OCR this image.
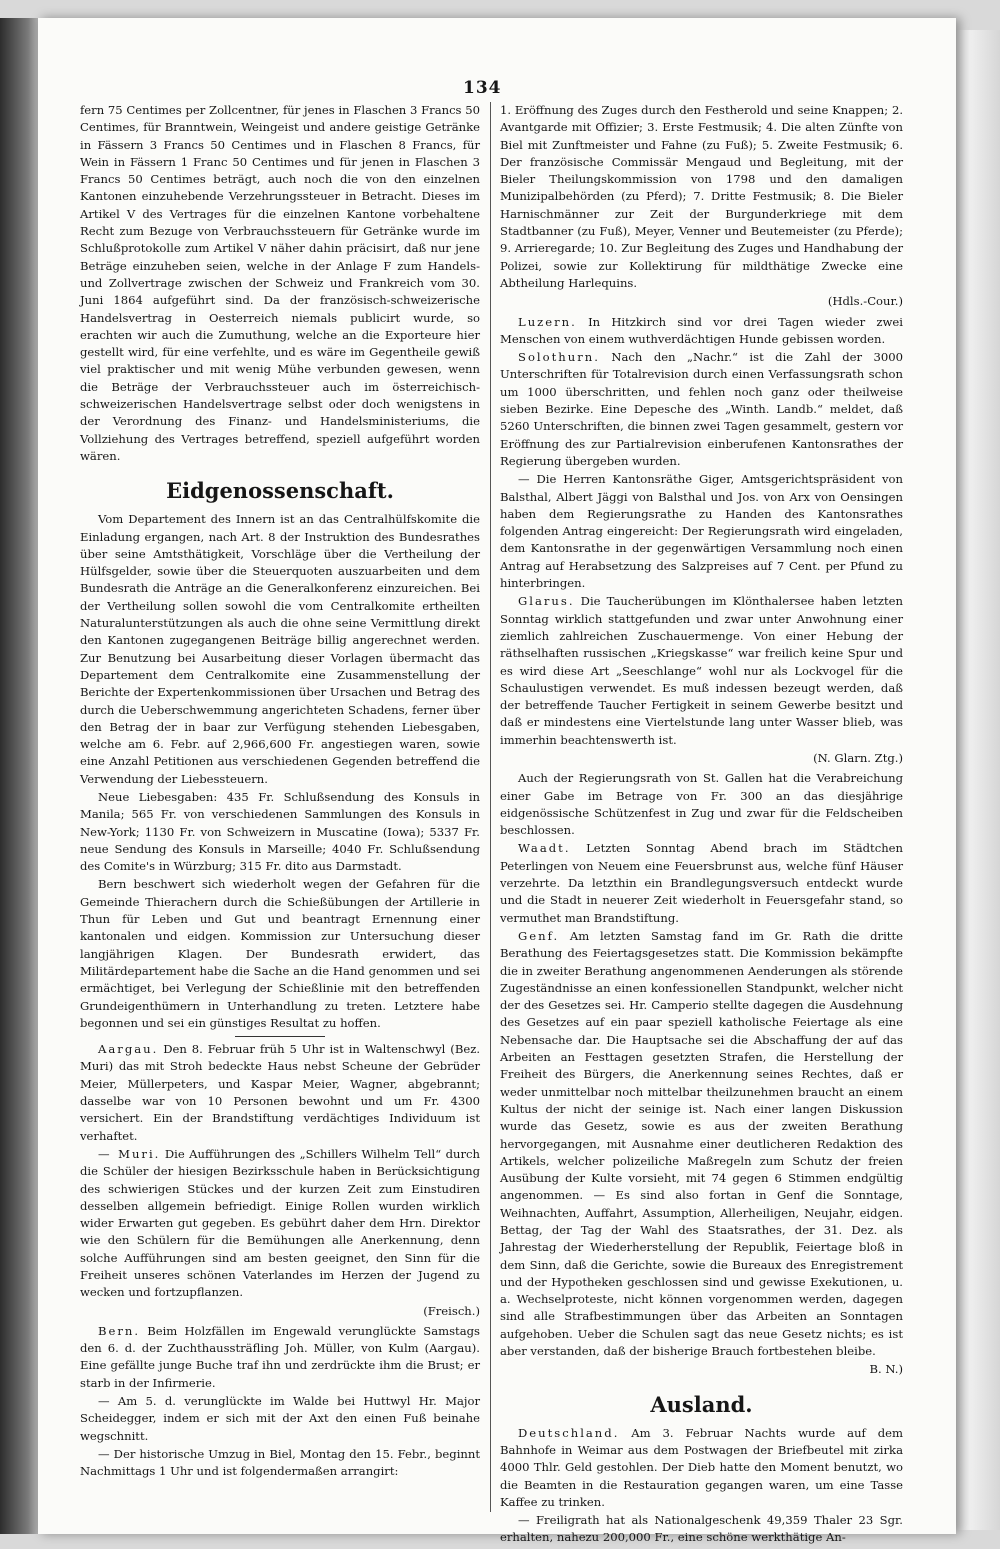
134

fern 75 Centimes per Zollcentner, für jenes in Flaschen 3 Francs 50 Centimes, für Branntwein, Weingeist und andere geistige Getränke in Fässern 3 Francs 50 Centimes und in Flaschen 8 Francs, für Wein in Fässern 1 Franc 50 Centimes und für jenen in Flaschen 3 Francs 50 Centimes beträgt, auch noch die von den einzelnen Kantonen einzuhebende Verzehrungssteuer in Betracht. Dieses im Artikel V des Vertrages für die einzelnen Kantone vorbehaltene Recht zum Bezuge von Verbrauchssteuern für Getränke wurde im Schlußprotokolle zum Artikel V näher dahin präcisirt, daß nur jene Beträge einzuheben seien, welche in der Anlage F zum Handels- und Zollvertrage zwischen der Schweiz und Frankreich vom 30. Juni 1864 aufgeführt sind. Da der französisch-schweizerische Handelsvertrag in Oesterreich niemals publicirt wurde, so erachten wir auch die Zumuthung, welche an die Exporteure hier gestellt wird, für eine verfehlte, und es wäre im Gegentheile gewiß viel praktischer und mit wenig Mühe verbunden gewesen, wenn die Beträge der Verbrauchssteuer auch im österreichisch-schweizerischen Handelsvertrage selbst oder doch wenigstens in der Verordnung des Finanz- und Handelsministeriums, die Vollziehung des Vertrages betreffend, speziell aufgeführt worden wären.

Eidgenossenschaft.

Vom Departement des Innern ist an das Centralhülfskomite die Einladung ergangen, nach Art. 8 der Instruktion des Bundesrathes über seine Amtsthätigkeit, Vorschläge über die Vertheilung der Hülfsgelder, sowie über die Steuerquoten auszuarbeiten und dem Bundesrath die Anträge an die Generalkonferenz einzureichen. Bei der Vertheilung sollen sowohl die vom Centralkomite ertheilten Naturalunterstützungen als auch die ohne seine Vermittlung direkt den Kantonen zugegangenen Beiträge billig angerechnet werden. Zur Benutzung bei Ausarbeitung dieser Vorlagen übermacht das Departement dem Centralkomite eine Zusammenstellung der Berichte der Expertenkommissionen über Ursachen und Betrag des durch die Ueberschwemmung angerichteten Schadens, ferner über den Betrag der in baar zur Verfügung stehenden Liebesgaben, welche am 6. Febr. auf 2,966,600 Fr. angestiegen waren, sowie eine Anzahl Petitionen aus verschiedenen Gegenden betreffend die Verwendung der Liebessteuern.

Neue Liebesgaben: 435 Fr. Schlußsendung des Konsuls in Manila; 565 Fr. von verschiedenen Sammlungen des Konsuls in New-York; 1130 Fr. von Schweizern in Muscatine (Iowa); 5337 Fr. neue Sendung des Konsuls in Marseille; 4040 Fr. Schlußsendung des Comite's in Würzburg; 315 Fr. dito aus Darmstadt.

Bern beschwert sich wiederholt wegen der Gefahren für die Gemeinde Thierachern durch die Schießübungen der Artillerie in Thun für Leben und Gut und beantragt Ernennung einer kantonalen und eidgen. Kommission zur Untersuchung dieser langjährigen Klagen. Der Bundesrath erwidert, das Militärdepartement habe die Sache an die Hand genommen und sei ermächtiget, bei Verlegung der Schießlinie mit den betreffenden Grundeigenthümern in Unterhandlung zu treten. Letztere habe begonnen und sei ein günstiges Resultat zu hoffen.

Aargau. Den 8. Februar früh 5 Uhr ist in Waltenschwyl (Bez. Muri) das mit Stroh bedeckte Haus nebst Scheune der Gebrüder Meier, Müllerpeters, und Kaspar Meier, Wagner, abgebrannt; dasselbe war von 10 Personen bewohnt und um Fr. 4300 versichert. Ein der Brandstiftung verdächtiges Individuum ist verhaftet.

— Muri. Die Aufführungen des „Schillers Wilhelm Tell“ durch die Schüler der hiesigen Bezirksschule haben in Berücksichtigung des schwierigen Stückes und der kurzen Zeit zum Einstudiren desselben allgemein befriedigt. Einige Rollen wurden wirklich wider Erwarten gut gegeben. Es gebührt daher dem Hrn. Direktor wie den Schülern für die Bemühungen alle Anerkennung, denn solche Aufführungen sind am besten geeignet, den Sinn für die Freiheit unseres schönen Vaterlandes im Herzen der Jugend zu wecken und fortzupflanzen.

(Freisch.)

Bern. Beim Holzfällen im Engewald verunglückte Samstags den 6. d. der Zuchthaussträfling Joh. Müller, von Kulm (Aargau). Eine gefällte junge Buche traf ihn und zerdrückte ihm die Brust; er starb in der Infirmerie.

— Am 5. d. verunglückte im Walde bei Huttwyl Hr. Major Scheidegger, indem er sich mit der Axt den einen Fuß beinahe wegschnitt.

— Der historische Umzug in Biel, Montag den 15. Febr., beginnt Nachmittags 1 Uhr und ist folgendermaßen arrangirt:

1. Eröffnung des Zuges durch den Festherold und seine Knappen; 2. Avantgarde mit Offizier; 3. Erste Festmusik; 4. Die alten Zünfte von Biel mit Zunftmeister und Fahne (zu Fuß); 5. Zweite Festmusik; 6. Der französische Commissär Mengaud und Begleitung, mit der Bieler Theilungskommission von 1798 und den damaligen Munizipalbehörden (zu Pferd); 7. Dritte Festmusik; 8. Die Bieler Harnischmänner zur Zeit der Burgunderkriege mit dem Stadtbanner (zu Fuß), Meyer, Venner und Beutemeister (zu Pferde); 9. Arrieregarde; 10. Zur Begleitung des Zuges und Handhabung der Polizei, sowie zur Kollektirung für mildthätige Zwecke eine Abtheilung Harlequins.

(Hdls.-Cour.)

Luzern. In Hitzkirch sind vor drei Tagen wieder zwei Menschen von einem wuthverdächtigen Hunde gebissen worden.

Solothurn. Nach den „Nachr.“ ist die Zahl der 3000 Unterschriften für Totalrevision durch einen Verfassungsrath schon um 1000 überschritten, und fehlen noch ganz oder theilweise sieben Bezirke. Eine Depesche des „Winth. Landb.“ meldet, daß 5260 Unterschriften, die binnen zwei Tagen gesammelt, gestern vor Eröffnung des zur Partialrevision einberufenen Kantonsrathes der Regierung übergeben wurden.

— Die Herren Kantonsräthe Giger, Amtsgerichtspräsident von Balsthal, Albert Jäggi von Balsthal und Jos. von Arx von Oensingen haben dem Regierungsrathe zu Handen des Kantonsrathes folgenden Antrag eingereicht: Der Regierungsrath wird eingeladen, dem Kantonsrathe in der gegenwärtigen Versammlung noch einen Antrag auf Herabsetzung des Salzpreises auf 7 Cent. per Pfund zu hinterbringen.

Glarus. Die Taucherübungen im Klönthalersee haben letzten Sonntag wirklich stattgefunden und zwar unter Anwohnung einer ziemlich zahlreichen Zuschauermenge. Von einer Hebung der räthselhaften russischen „Kriegskasse“ war freilich keine Spur und es wird diese Art „Seeschlange“ wohl nur als Lockvogel für die Schaulustigen verwendet. Es muß indessen bezeugt werden, daß der betreffende Taucher Fertigkeit in seinem Gewerbe besitzt und daß er mindestens eine Viertelstunde lang unter Wasser blieb, was immerhin beachtenswerth ist.

(N. Glarn. Ztg.)

Auch der Regierungsrath von St. Gallen hat die Verabreichung einer Gabe im Betrage von Fr. 300 an das diesjährige eidgenössische Schützenfest in Zug und zwar für die Feldscheiben beschlossen.

Waadt. Letzten Sonntag Abend brach im Städtchen Peterlingen von Neuem eine Feuersbrunst aus, welche fünf Häuser verzehrte. Da letzthin ein Brandlegungsversuch entdeckt wurde und die Stadt in neuerer Zeit wiederholt in Feuersgefahr stand, so vermuthet man Brandstiftung.

Genf. Am letzten Samstag fand im Gr. Rath die dritte Berathung des Feiertagsgesetzes statt. Die Kommission bekämpfte die in zweiter Berathung angenommenen Aenderungen als störende Zugeständnisse an einen konfessionellen Standpunkt, welcher nicht der des Gesetzes sei. Hr. Camperio stellte dagegen die Ausdehnung des Gesetzes auf ein paar speziell katholische Feiertage als eine Nebensache dar. Die Hauptsache sei die Abschaffung der auf das Arbeiten an Festtagen gesetzten Strafen, die Herstellung der Freiheit des Bürgers, die Anerkennung seines Rechtes, daß er weder unmittelbar noch mittelbar theilzunehmen braucht an einem Kultus der nicht der seinige ist. Nach einer langen Diskussion wurde das Gesetz, sowie es aus der zweiten Berathung hervorgegangen, mit Ausnahme einer deutlicheren Redaktion des Artikels, welcher polizeiliche Maßregeln zum Schutz der freien Ausübung der Kulte vorsieht, mit 74 gegen 6 Stimmen endgültig angenommen. — Es sind also fortan in Genf die Sonntage, Weihnachten, Auffahrt, Assumption, Allerheiligen, Neujahr, eidgen. Bettag, der Tag der Wahl des Staatsrathes, der 31. Dez. als Jahrestag der Wiederherstellung der Republik, Feiertage bloß in dem Sinn, daß die Gerichte, sowie die Bureaux des Enregistrement und der Hypotheken geschlossen sind und gewisse Exekutionen, u. a. Wechselproteste, nicht können vorgenommen werden, dagegen sind alle Strafbestimmungen über das Arbeiten an Sonntagen aufgehoben. Ueber die Schulen sagt das neue Gesetz nichts; es ist aber verstanden, daß der bisherige Brauch fortbestehen bleibe.

B. N.)

Ausland.

Deutschland. Am 3. Februar Nachts wurde auf dem Bahnhofe in Weimar aus dem Postwagen der Briefbeutel mit zirka 4000 Thlr. Geld gestohlen. Der Dieb hatte den Moment benutzt, wo die Beamten in die Restauration gegangen waren, um eine Tasse Kaffee zu trinken.

— Freiligrath hat als Nationalgeschenk 49,359 Thaler 23 Sgr. erhalten, nahezu 200,000 Fr., eine schöne werkthätige An-
